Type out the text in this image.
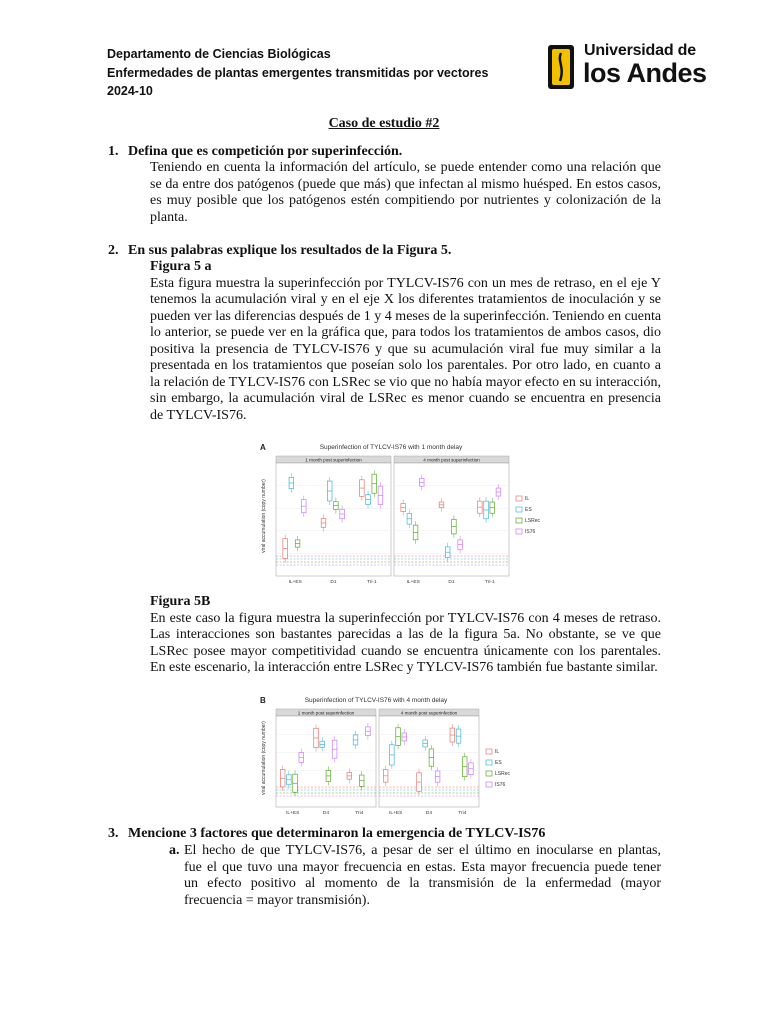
Departamento de Ciencias Biológicas
Enfermedades de plantas emergentes transmitidas por vectores
2024-10
Universidad de
los Andes
Caso de estudio #2
1. Defina que es competición por superinfección.
Teniendo en cuenta la información del artículo, se puede entender como una relación que
se da entre dos patógenos (puede que más) que infectan al mismo huésped. En estos casos,
es muy posible que los patógenos estén compitiendo por nutrientes y colonización de la
planta.
2. En sus palabras explique los resultados de la Figura 5.
Figura 5 a
Esta figura muestra la superinfección por TYLCV-IS76 con un mes de retraso, en el eje Y
tenemos la acumulación viral y en el eje X los diferentes tratamientos de inoculación y se
pueden ver las diferencias después de 1 y 4 meses de la superinfección. Teniendo en cuenta
lo anterior, se puede ver en la gráfica que, para todos los tratamientos de ambos casos, dio
positiva la presencia de TYLCV-IS76 y que su acumulación viral fue muy similar a la
presentada en los tratamientos que poseían solo los parentales. Por otro lado, en cuanto a
la relación de TYLCV-IS76 con LSRec se vio que no había mayor efecto en su interacción,
sin embargo, la acumulación viral de LSRec es menor cuando se encuentra en presencia
de TYLCV-IS76.
A	Superinfection of TYLCV-IS76 with 1 month delay
viral accumulation (copy number)
1 month post superinfection
IL+ES	D1	Tri-1
4 month post superinfection
IL+ES	D1	Tri-1
IL
ES
LSRec
IS76
Figura 5B
En este caso la figura muestra la superinfección por TYLCV-IS76 con 4 meses de retraso.
Las interacciones son bastantes parecidas a las de la figura 5a. No obstante, se ve que
LSRec posee mayor competitividad cuando se encuentra únicamente con los parentales.
En este escenario, la interacción entre LSRec y TYLCV-IS76 también fue bastante similar.
B	Superinfection of TYLCV-IS76 with 4 month delay
viral accumulation (copy number)
1 month post superinfection
IL+ES	D4	Tri4
4 month post superinfection
IL+ES	D4	Tri4
IL
ES
LSRec
IS76
3. Mencione 3 factores que determinaron la emergencia de TYLCV-IS76
a. El hecho de que TYLCV-IS76, a pesar de ser el último en inocularse en plantas,
fue el que tuvo una mayor frecuencia en estas. Esta mayor frecuencia puede tener
un efecto positivo al momento de la transmisión de la enfermedad (mayor
frecuencia = mayor transmisión).
